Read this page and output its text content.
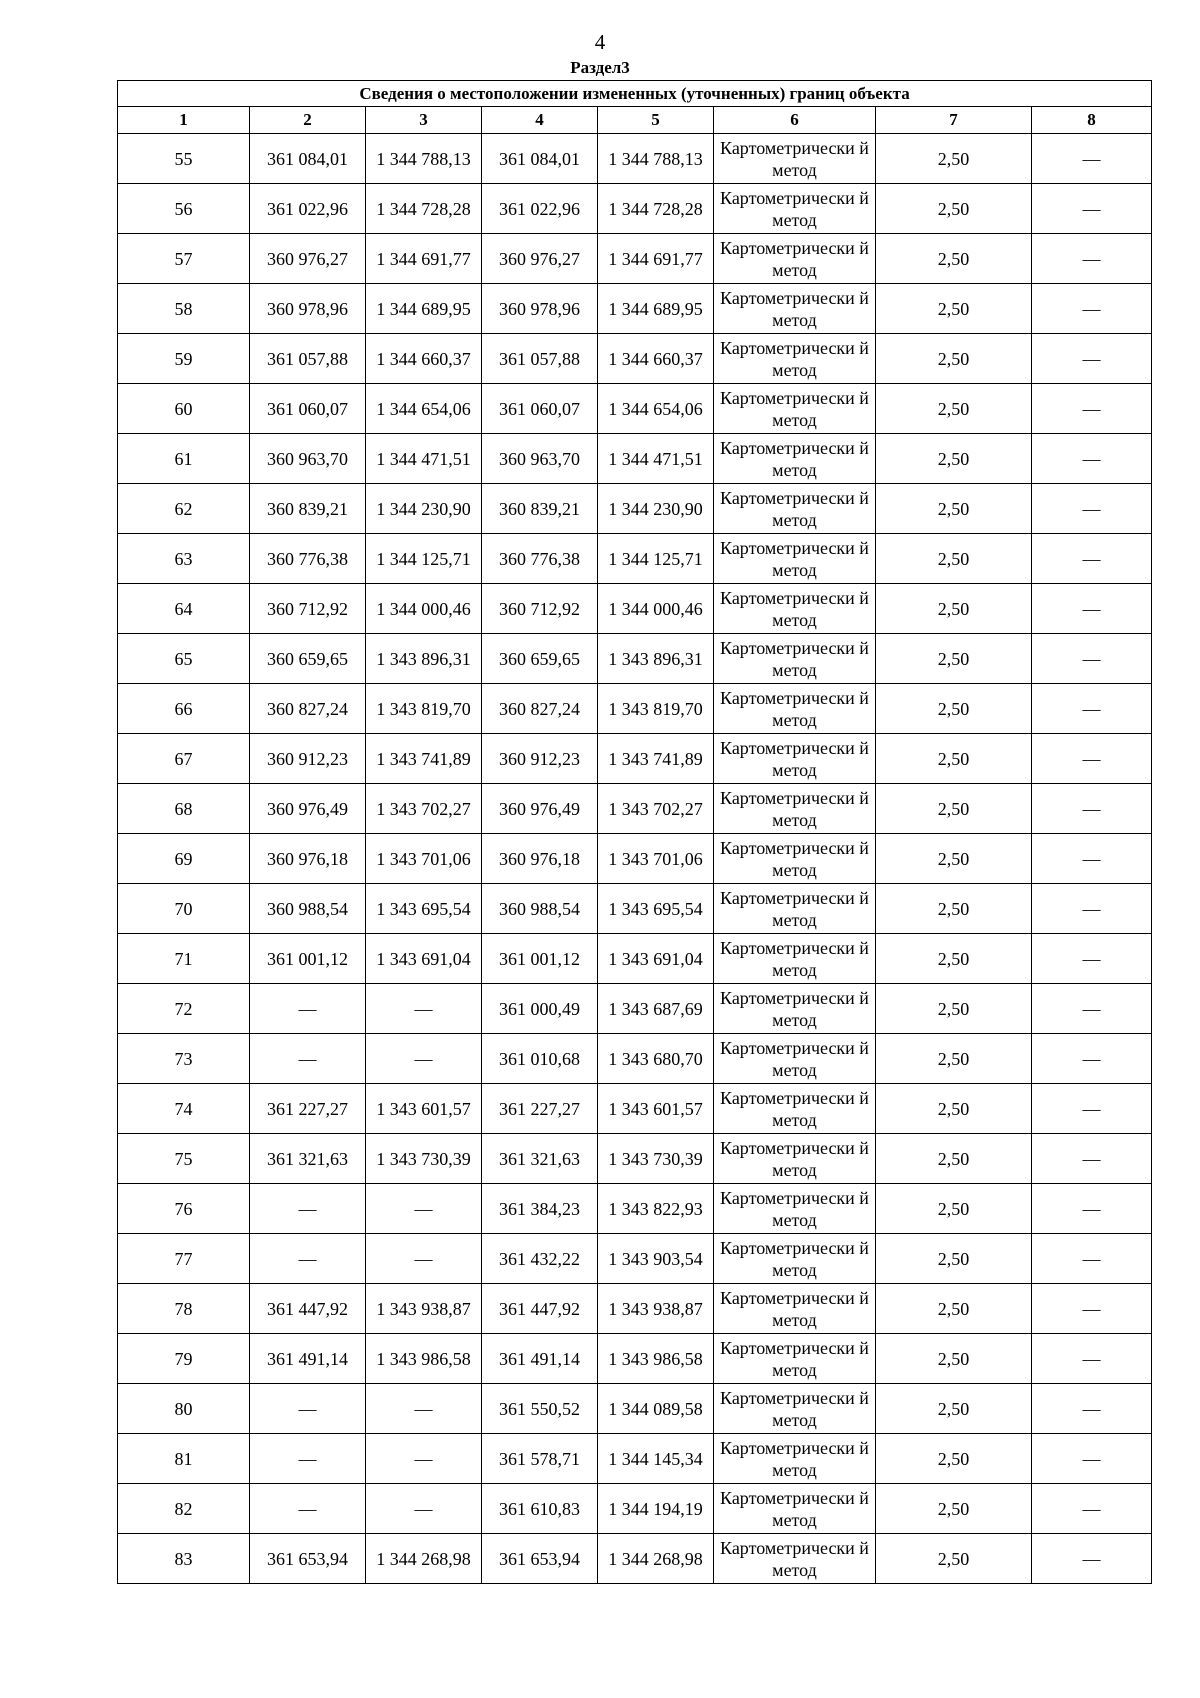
4
Раздел3
Сведения о местоположении измененных (уточненных) границ объекта							
1	2	3	4	5	6	7	8
55	361 084,01	1 344 788,13	361 084,01	1 344 788,13	Картометрически й метод	2,50	—
56	361 022,96	1 344 728,28	361 022,96	1 344 728,28	Картометрически й метод	2,50	—
57	360 976,27	1 344 691,77	360 976,27	1 344 691,77	Картометрически й метод	2,50	—
58	360 978,96	1 344 689,95	360 978,96	1 344 689,95	Картометрически й метод	2,50	—
59	361 057,88	1 344 660,37	361 057,88	1 344 660,37	Картометрически й метод	2,50	—
60	361 060,07	1 344 654,06	361 060,07	1 344 654,06	Картометрически й метод	2,50	—
61	360 963,70	1 344 471,51	360 963,70	1 344 471,51	Картометрически й метод	2,50	—
62	360 839,21	1 344 230,90	360 839,21	1 344 230,90	Картометрически й метод	2,50	—
63	360 776,38	1 344 125,71	360 776,38	1 344 125,71	Картометрически й метод	2,50	—
64	360 712,92	1 344 000,46	360 712,92	1 344 000,46	Картометрически й метод	2,50	—
65	360 659,65	1 343 896,31	360 659,65	1 343 896,31	Картометрически й метод	2,50	—
66	360 827,24	1 343 819,70	360 827,24	1 343 819,70	Картометрически й метод	2,50	—
67	360 912,23	1 343 741,89	360 912,23	1 343 741,89	Картометрически й метод	2,50	—
68	360 976,49	1 343 702,27	360 976,49	1 343 702,27	Картометрически й метод	2,50	—
69	360 976,18	1 343 701,06	360 976,18	1 343 701,06	Картометрически й метод	2,50	—
70	360 988,54	1 343 695,54	360 988,54	1 343 695,54	Картометрически й метод	2,50	—
71	361 001,12	1 343 691,04	361 001,12	1 343 691,04	Картометрически й метод	2,50	—
72	—	—	361 000,49	1 343 687,69	Картометрически й метод	2,50	—
73	—	—	361 010,68	1 343 680,70	Картометрически й метод	2,50	—
74	361 227,27	1 343 601,57	361 227,27	1 343 601,57	Картометрически й метод	2,50	—
75	361 321,63	1 343 730,39	361 321,63	1 343 730,39	Картометрически й метод	2,50	—
76	—	—	361 384,23	1 343 822,93	Картометрически й метод	2,50	—
77	—	—	361 432,22	1 343 903,54	Картометрически й метод	2,50	—
78	361 447,92	1 343 938,87	361 447,92	1 343 938,87	Картометрически й метод	2,50	—
79	361 491,14	1 343 986,58	361 491,14	1 343 986,58	Картометрически й метод	2,50	—
80	—	—	361 550,52	1 344 089,58	Картометрически й метод	2,50	—
81	—	—	361 578,71	1 344 145,34	Картометрически й метод	2,50	—
82	—	—	361 610,83	1 344 194,19	Картометрически й метод	2,50	—
83	361 653,94	1 344 268,98	361 653,94	1 344 268,98	Картометрически й метод	2,50	—
